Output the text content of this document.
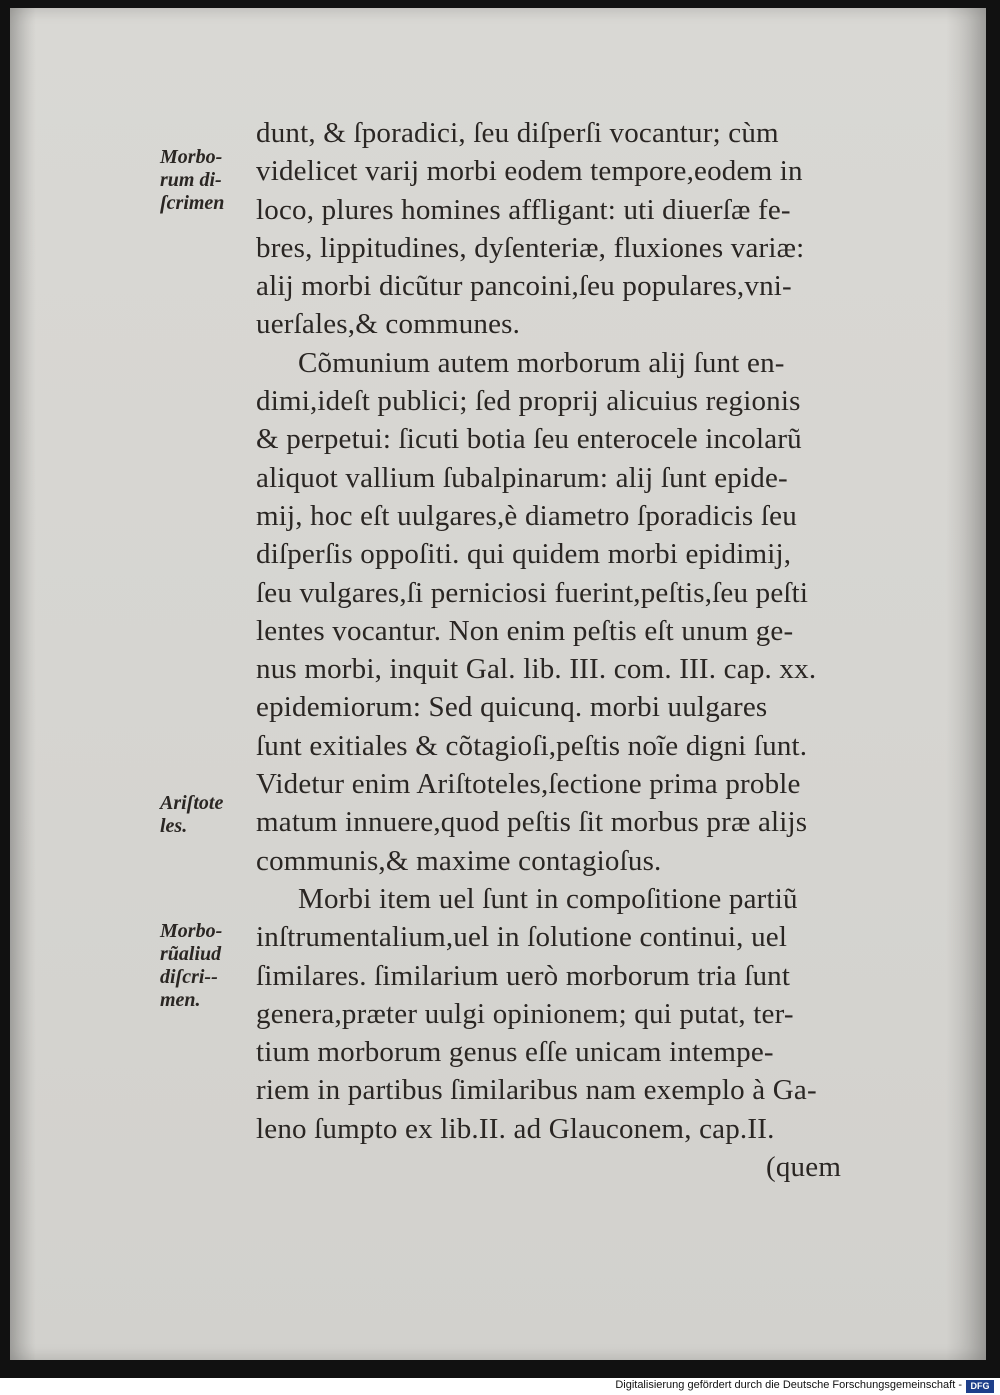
Morbo-
rum di-
ſcrimen
Ariſtote
les.
Morbo-
rũaliud
diſcri--
men.
dunt, & ſporadici, ſeu diſperſi vocantur; cùm
videlicet varij morbi eodem tempore,eodem in
loco, plures homines affligant: uti diuerſæ fe-
bres, lippitudines, dyſenteriæ, fluxiones variæ:
alij morbi dicũtur pancoini,ſeu populares,vni-
uerſales,& communes.
Cõmunium autem morborum alij ſunt en-
dimi,ideſt publici; ſed proprij alicuius regionis
& perpetui: ſicuti botia ſeu enterocele incolarũ
aliquot vallium ſubalpinarum: alij ſunt epide-
mij, hoc eſt uulgares,è diametro ſporadicis ſeu
diſperſis oppoſiti. qui quidem morbi epidimij,
ſeu vulgares,ſi perniciosi fuerint,peſtis,ſeu peſti
lentes vocantur. Non enim peſtis eſt unum ge-
nus morbi, inquit Gal. lib. III. com. III. cap. xx.
epidemiorum: Sed quicunq. morbi uulgares
ſunt exitiales & cõtagioſi,peſtis noĩe digni ſunt.
Videtur enim Ariſtoteles,ſectione prima proble
matum innuere,quod peſtis ſit morbus præ alijs
communis,& maxime contagioſus.
Morbi item uel ſunt in compoſitione partiũ
inſtrumentalium,uel in ſolutione continui, uel
ſimilares. ſimilarium uerò morborum tria ſunt
genera,præter uulgi opinionem; qui putat, ter-
tium morborum genus eſſe unicam intempe-
riem in partibus ſimilaribus nam exemplo à Ga-
leno ſumpto ex lib.II. ad Glauconem, cap.II.
(quem
Digitalisierung gefördert durch die Deutsche Forschungsgemeinschaft - DFG
